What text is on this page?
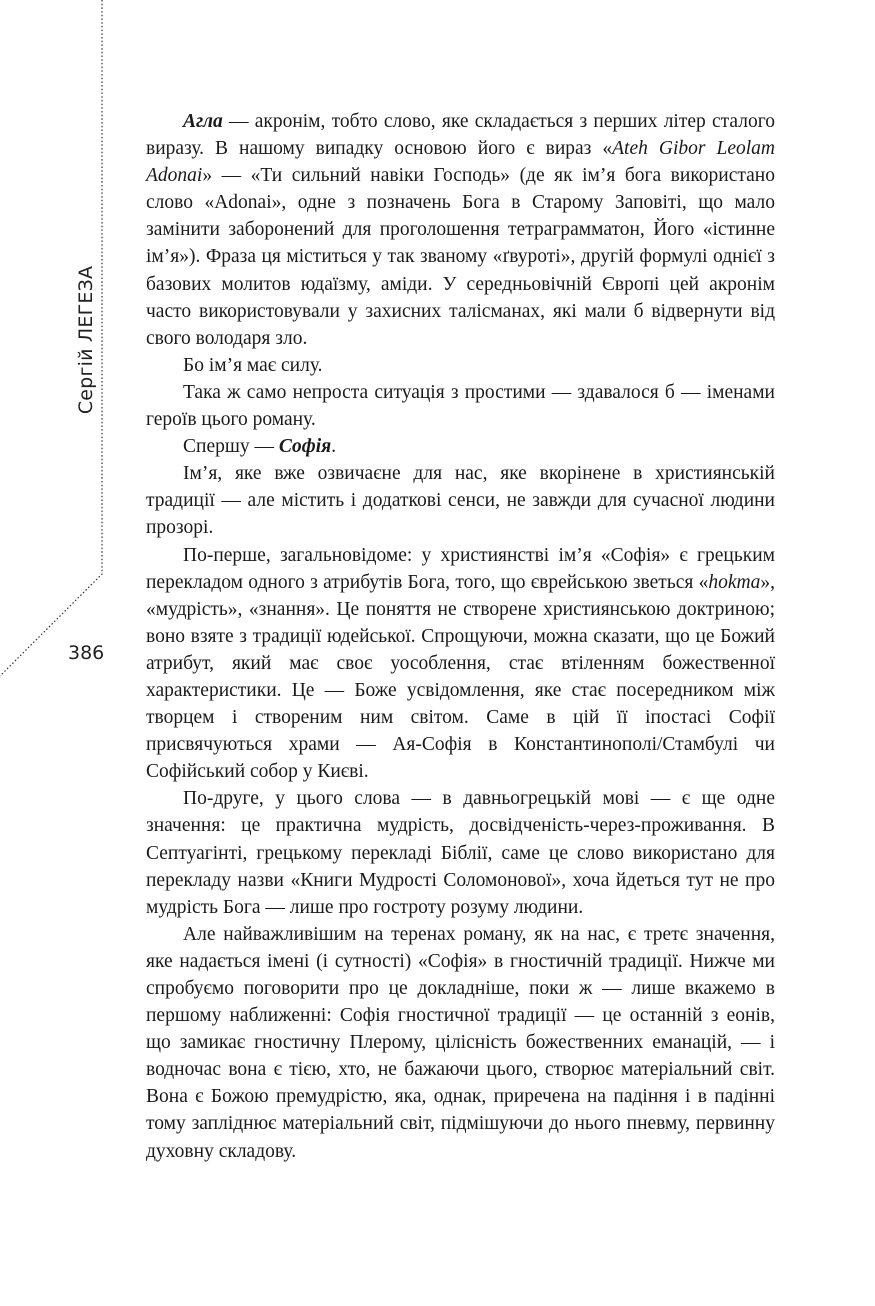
Сергій ЛЕГЕЗА
386

Агла — акронім, тобто слово, яке складається з перших літер сталого виразу. В нашому випадку основою його є вираз «Ateh Gibor Leolam Adonai» — «Ти сильний навіки Господь» (де як ім’я бога використано слово «Adonai», одне з позначень Бога в Старому Заповіті, що мало замінити заборонений для проголошення тетраграмматон, Його «істинне ім’я»). Фраза ця міститься у так званому «ґвуроті», другій формулі однієї з базових молитов юдаїзму, аміди. У середньовічній Європі цей акронім часто використовували у захисних талісманах, які мали б відвернути від свого володаря зло.

Бо ім’я має силу.

Така ж само непроста ситуація з простими — здавалося б — іменами героїв цього роману.

Спершу — Софія.

Ім’я, яке вже озвичаєне для нас, яке вкорінене в християнській традиції — але містить і додаткові сенси, не завжди для сучасної людини прозорі.

По-перше, загальновідоме: у християнстві ім’я «Софія» є грецьким перекладом одного з атрибутів Бога, того, що єврейською зветься «hokma», «мудрість», «знання». Це поняття не створене християнською доктриною; воно взяте з традиції юдейської. Спрощуючи, можна сказати, що це Божий атрибут, який має своє уособлення, стає втіленням божественної характеристики. Це — Боже усвідомлення, яке стає посередником між творцем і створеним ним світом. Саме в цій її іпостасі Софії присвячуються храми — Ая-Софія в Константинополі/Стамбулі чи Софійський собор у Києві.

По-друге, у цього слова — в давньогрецькій мові — є ще одне значення: це практична мудрість, досвідченість-через-проживання. В Септуагінті, грецькому перекладі Біблії, саме це слово використано для перекладу назви «Книги Мудрості Соломонової», хоча йдеться тут не про мудрість Бога — лише про гостроту розуму людини.

Але найважливішим на теренах роману, як на нас, є третє значення, яке надається імені (і сутності) «Софія» в гностичній традиції. Нижче ми спробуємо поговорити про це докладніше, поки ж — лише вкажемо в першому наближенні: Софія гностичної традиції — це останній з еонів, що замикає гностичну Плерому, цілісність божественних еманацій, — і водночас вона є тією, хто, не бажаючи цього, створює матеріальний світ. Вона є Божою премудрістю, яка, однак, приречена на падіння і в падінні тому запліднює матеріальний світ, підмішуючи до нього пневму, первинну духовну складову.
